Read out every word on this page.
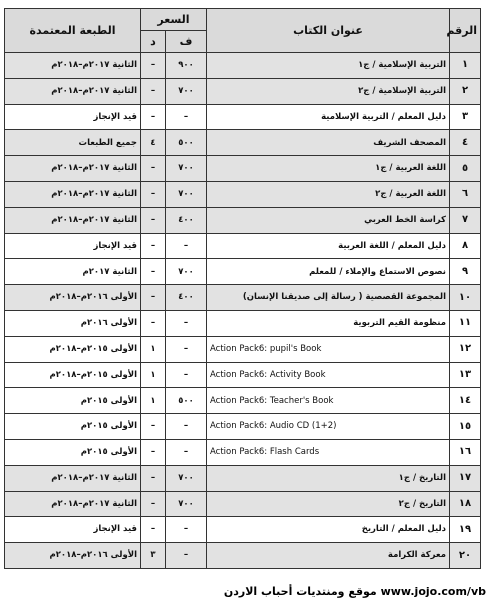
الرقم	عنوان الكتاب	السعر		الطبعة المعتمدة
		ف	د	
١	التربية الإسلامية / ج١	٩٠٠	–	الثانية ٢٠١٧م–٢٠١٨م
٢	التربية الإسلامية / ج٢	٧٠٠	–	الثانية ٢٠١٧م–٢٠١٨م
٣	دليل المعلم / التربية الإسلامية	–	–	قيد الإنجاز
٤	المصحف الشريف	٥٠٠	٤	جميع الطبعات
٥	اللغة العربية / ج١	٧٠٠	–	الثانية ٢٠١٧م–٢٠١٨م
٦	اللغة العربية / ج٢	٧٠٠	–	الثانية ٢٠١٧م–٢٠١٨م
٧	كراسة الخط العربي	٤٠٠	–	الثانية ٢٠١٧م–٢٠١٨م
٨	دليل المعلم / اللغة العربية	–	–	قيد الإنجاز
٩	نصوص الاستماع والإملاء / للمعلم	٧٠٠	–	الثانية ٢٠١٧م
١٠	المجموعة القصصية ( رسالة إلى صديقنا الإنسان)	٤٠٠	–	الأولى ٢٠١٦م–٢٠١٨م
١١	منظومة القيم التربوية	–	–	الأولى ٢٠١٦م
١٢	Action Pack6: pupil's Book	–	١	الأولى ٢٠١٥م–٢٠١٨م
١٣	Action Pack6: Activity Book	–	١	الأولى ٢٠١٥م–٢٠١٨م
١٤	Action Pack6: Teacher's Book	٥٠٠	١	الأولى ٢٠١٥م
١٥	Action Pack6: Audio CD (1+2)	–	–	الأولى ٢٠١٥م
١٦	Action Pack6: Flash Cards	–	–	الأولى ٢٠١٥م
١٧	التاريخ / ج١	٧٠٠	–	الثانية ٢٠١٧م–٢٠١٨م
١٨	التاريخ / ج٢	٧٠٠	–	الثانية ٢٠١٧م–٢٠١٨م
١٩	دليل المعلم / التاريخ	–	–	قيد الإنجاز
٢٠	معركة الكرامة	–	٣	الأولى ٢٠١٦م–٢٠١٨م
www.jojo.com/vb موقع ومنتديات أحباب الاردن
